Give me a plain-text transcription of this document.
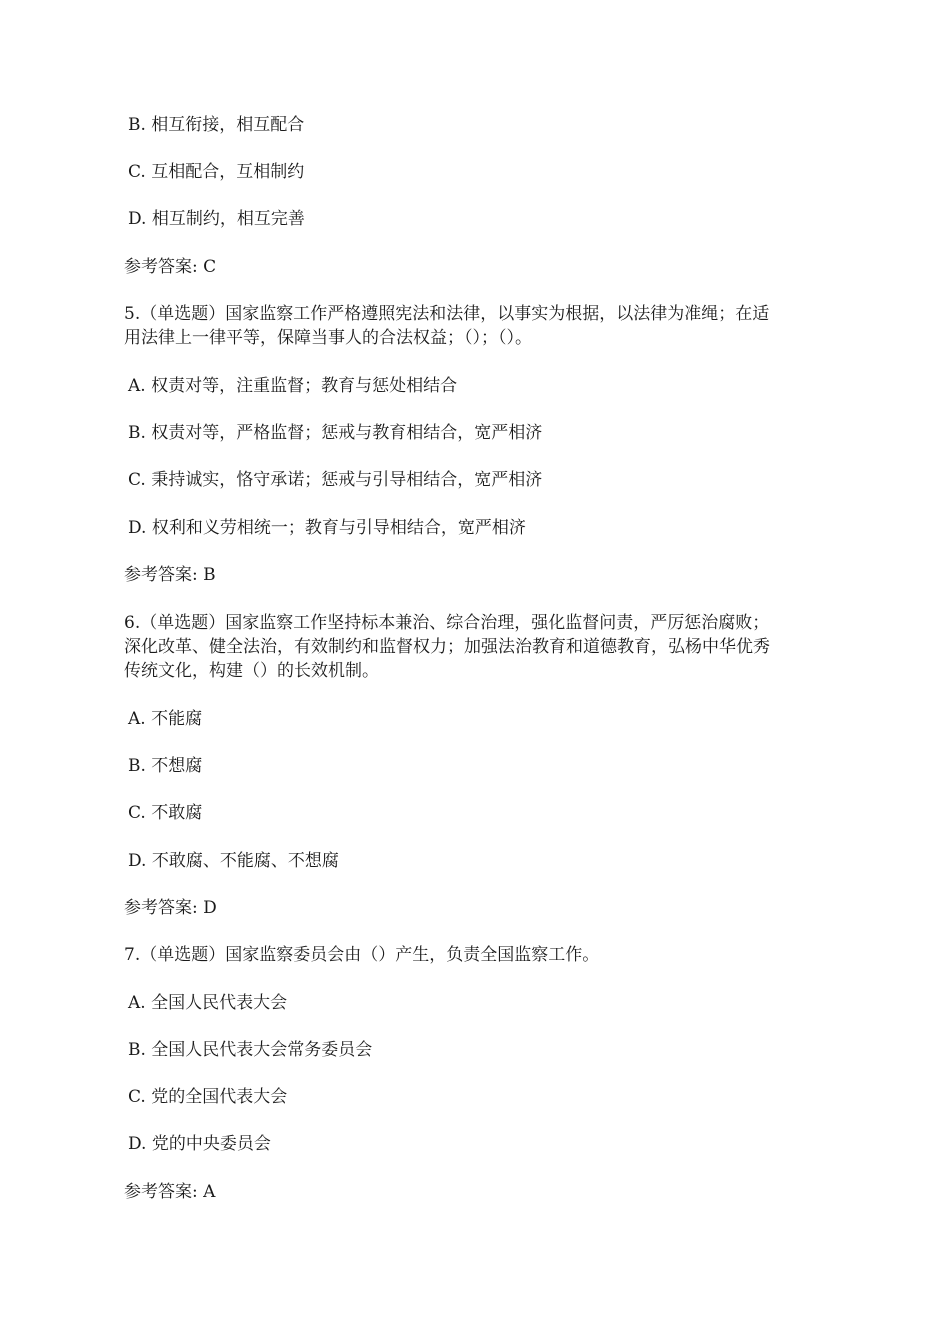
B. 相互衔接，相互配合
C. 互相配合，互相制约
D. 相互制约，相互完善
参考答案: C
5.（单选题）国家监察工作严格遵照宪法和法律，以事实为根据，以法律为准绳；在适
用法律上一律平等，保障当事人的合法权益；（）；（）。
A. 权责对等，注重监督；教育与惩处相结合
B. 权责对等，严格监督；惩戒与教育相结合，宽严相济
C. 秉持诚实，恪守承诺；惩戒与引导相结合，宽严相济
D. 权利和义劳相统一；教育与引导相结合，宽严相济
参考答案: B
6.（单选题）国家监察工作坚持标本兼治、综合治理，强化监督问责，严厉惩治腐败；
深化改革、健全法治，有效制约和监督权力；加强法治教育和道德教育，弘杨中华优秀
传统文化，构建（）的长效机制。
A. 不能腐
B. 不想腐
C. 不敢腐
D. 不敢腐、不能腐、不想腐
参考答案: D
7.（单选题）国家监察委员会由（）产生，负责全国监察工作。
A. 全国人民代表大会
B. 全国人民代表大会常务委员会
C. 党的全国代表大会
D. 党的中央委员会
参考答案: A
